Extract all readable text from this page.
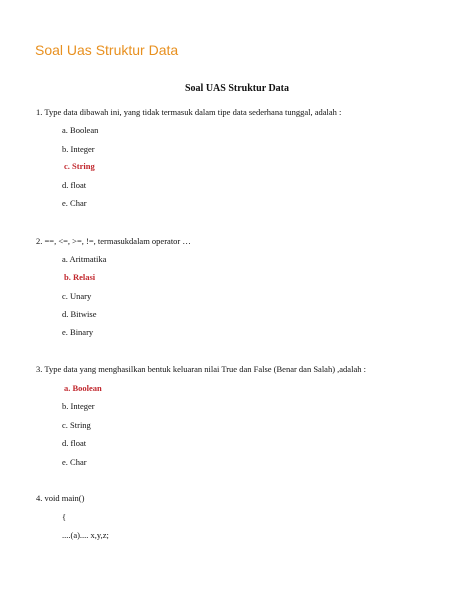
Soal Uas Struktur Data
Soal UAS Struktur Data
1. Type data dibawah ini, yang tidak termasuk dalam tipe data sederhana tunggal, adalah :
a. Boolean
b. Integer
c. String
d. float
e. Char
2. ==, <=, >=, !=, termasukdalam operator …
a. Aritmatika
b. Relasi
c. Unary
d. Bitwise
e. Binary
3. Type data yang menghasilkan bentuk keluaran nilai True dan False (Benar dan Salah) ,adalah :
a. Boolean
b. Integer
c. String
d. float
e. Char
4. void main()
{
....(a).... x,y,z;
